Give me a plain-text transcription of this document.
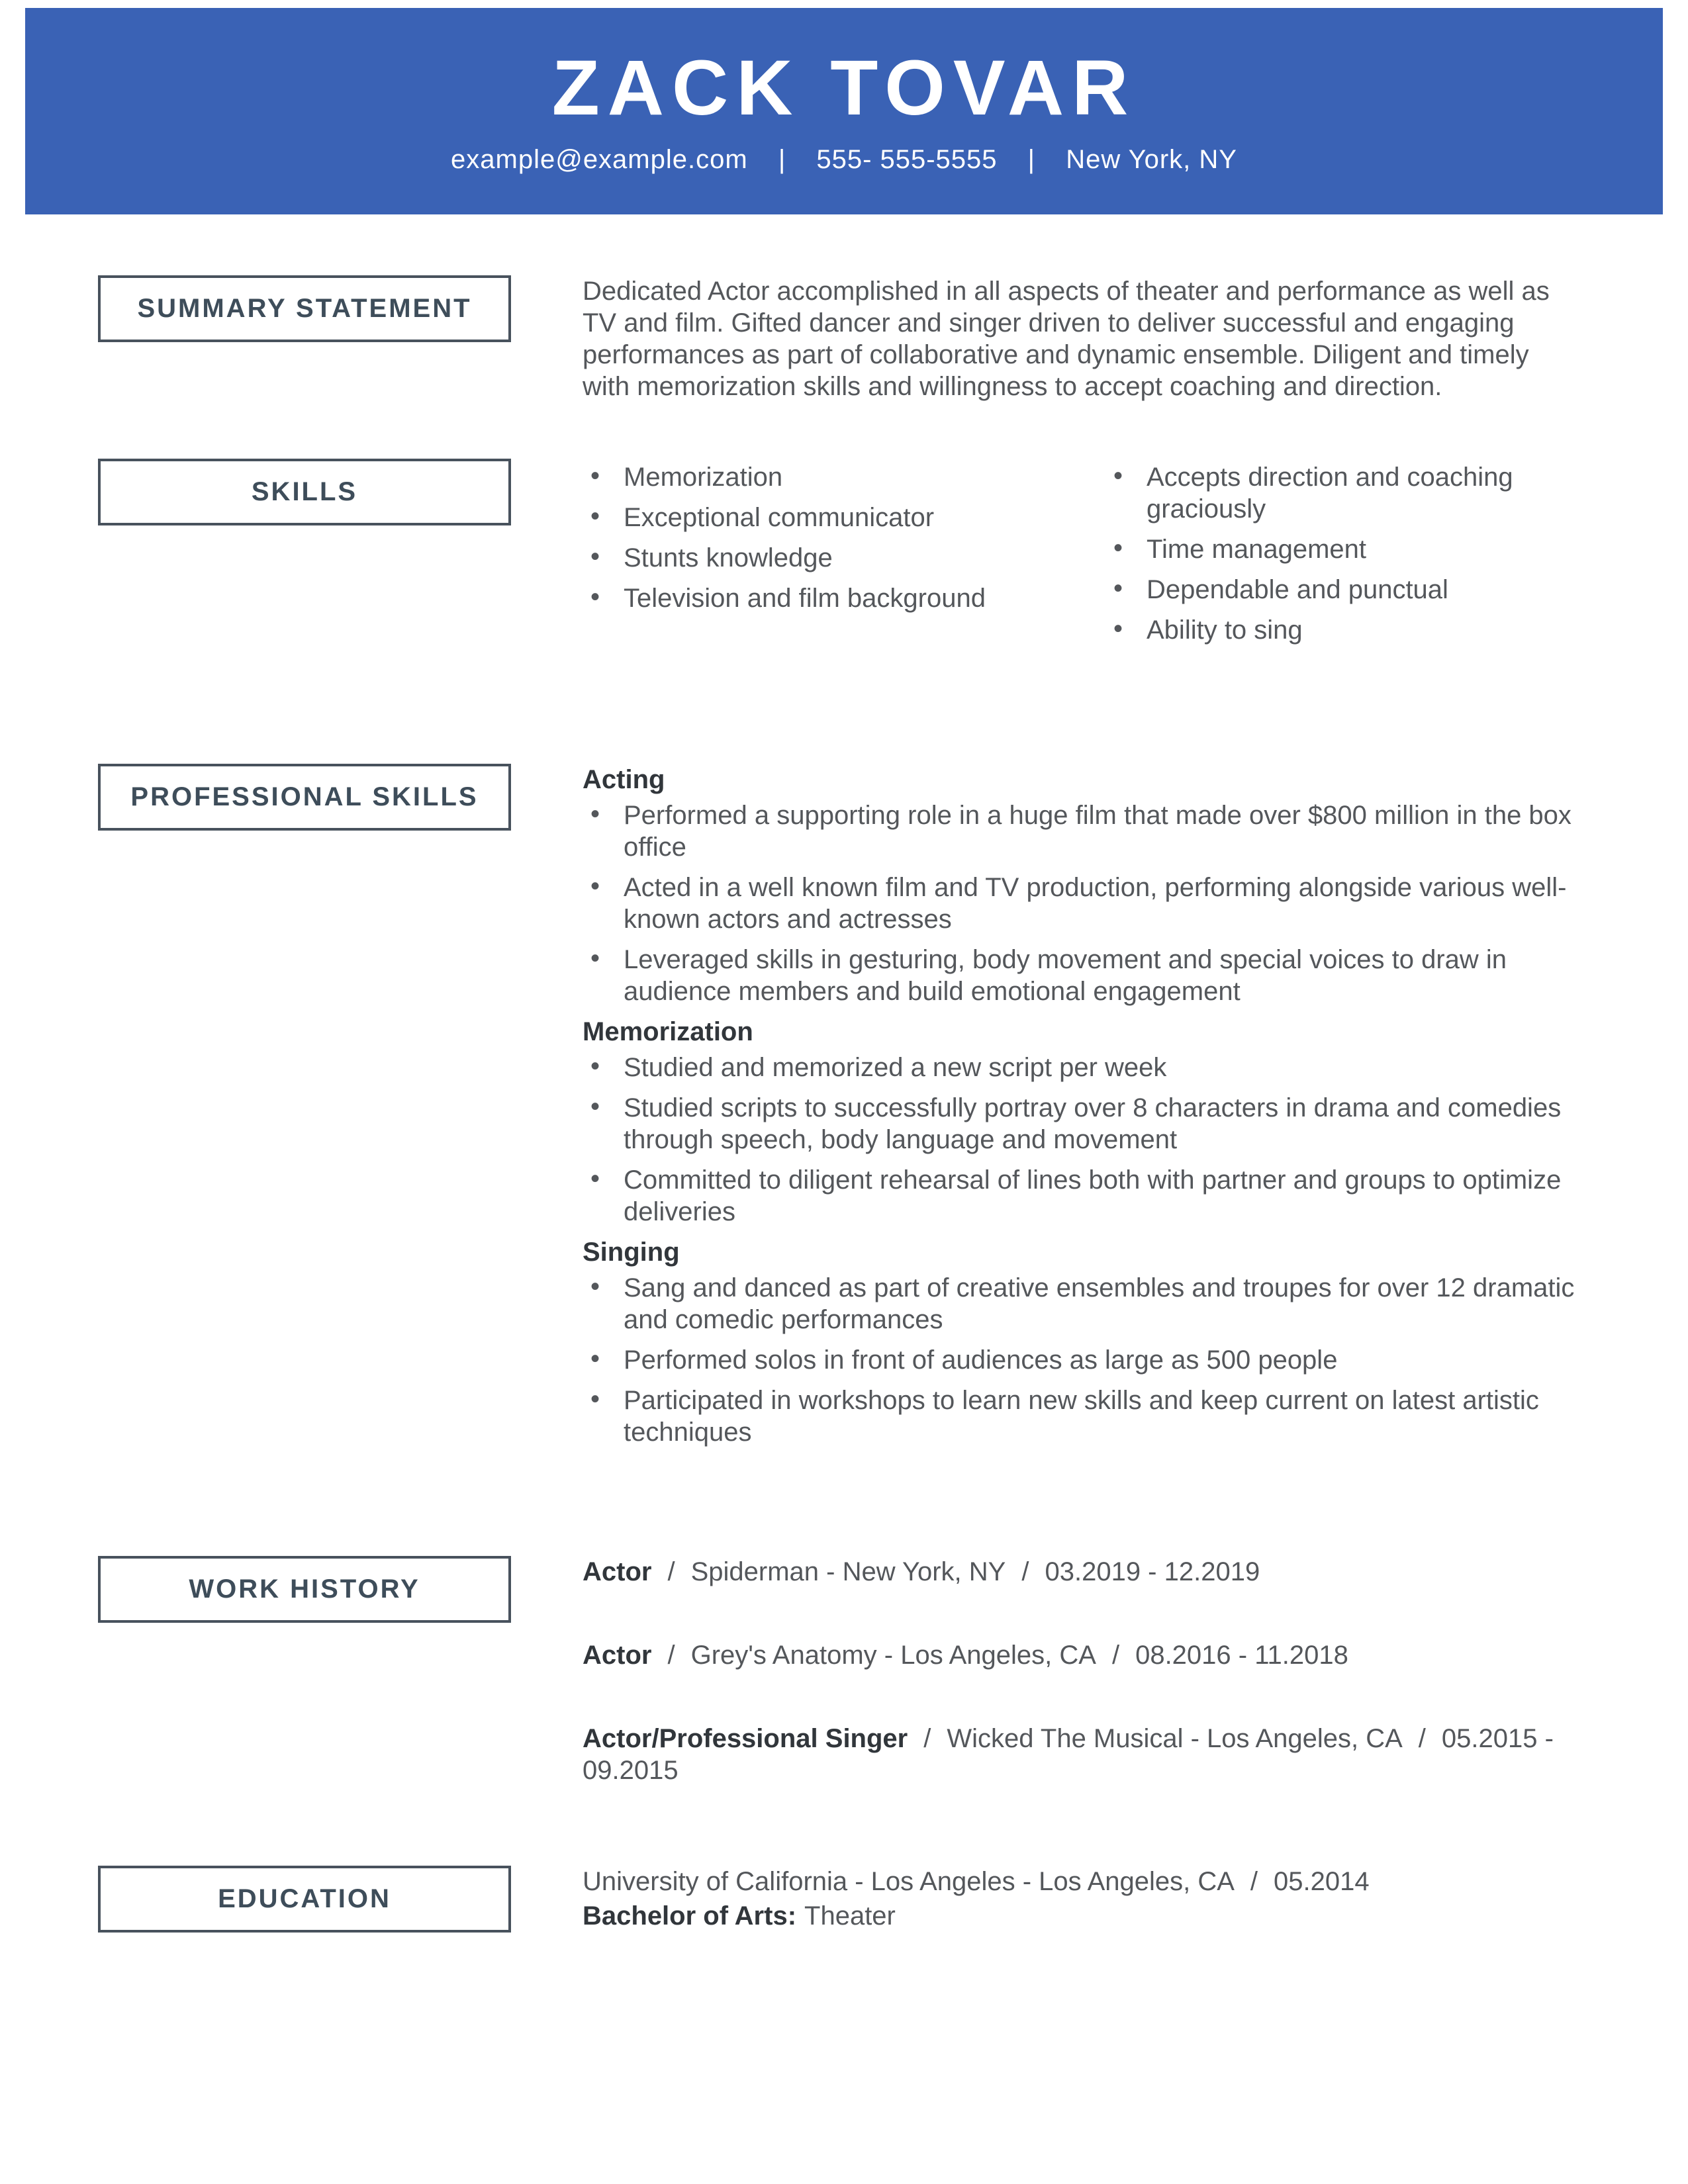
ZACK TOVAR
example@example.com | 555- 555-5555 | New York, NY
SUMMARY STATEMENT
Dedicated Actor accomplished in all aspects of theater and performance as well as TV and film. Gifted dancer and singer driven to deliver successful and engaging performances as part of collaborative and dynamic ensemble. Diligent and timely with memorization skills and willingness to accept coaching and direction.
SKILLS	• Memorization
• Exceptional communicator
• Stunts knowledge
• Television and film background
• Accepts direction and coaching graciously
• Time management
• Dependable and punctual
• Ability to sing
PROFESSIONAL SKILLS
Acting
• Performed a supporting role in a huge film that made over $800 million in the box office
• Acted in a well known film and TV production, performing alongside various well-known actors and actresses
• Leveraged skills in gesturing, body movement and special voices to draw in audience members and build emotional engagement
Memorization
• Studied and memorized a new script per week
• Studied scripts to successfully portray over 8 characters in drama and comedies through speech, body language and movement
• Committed to diligent rehearsal of lines both with partner and groups to optimize deliveries
Singing
• Sang and danced as part of creative ensembles and troupes for over 12 dramatic and comedic performances
• Performed solos in front of audiences as large as 500 people
• Participated in workshops to learn new skills and keep current on latest artistic techniques
WORK HISTORY
Actor / Spiderman - New York, NY / 03.2019 - 12.2019
Actor / Grey's Anatomy - Los Angeles, CA / 08.2016 - 11.2018
Actor/Professional Singer / Wicked The Musical - Los Angeles, CA / 05.2015 - 09.2015
EDUCATION
University of California - Los Angeles - Los Angeles, CA / 05.2014
Bachelor of Arts: Theater
